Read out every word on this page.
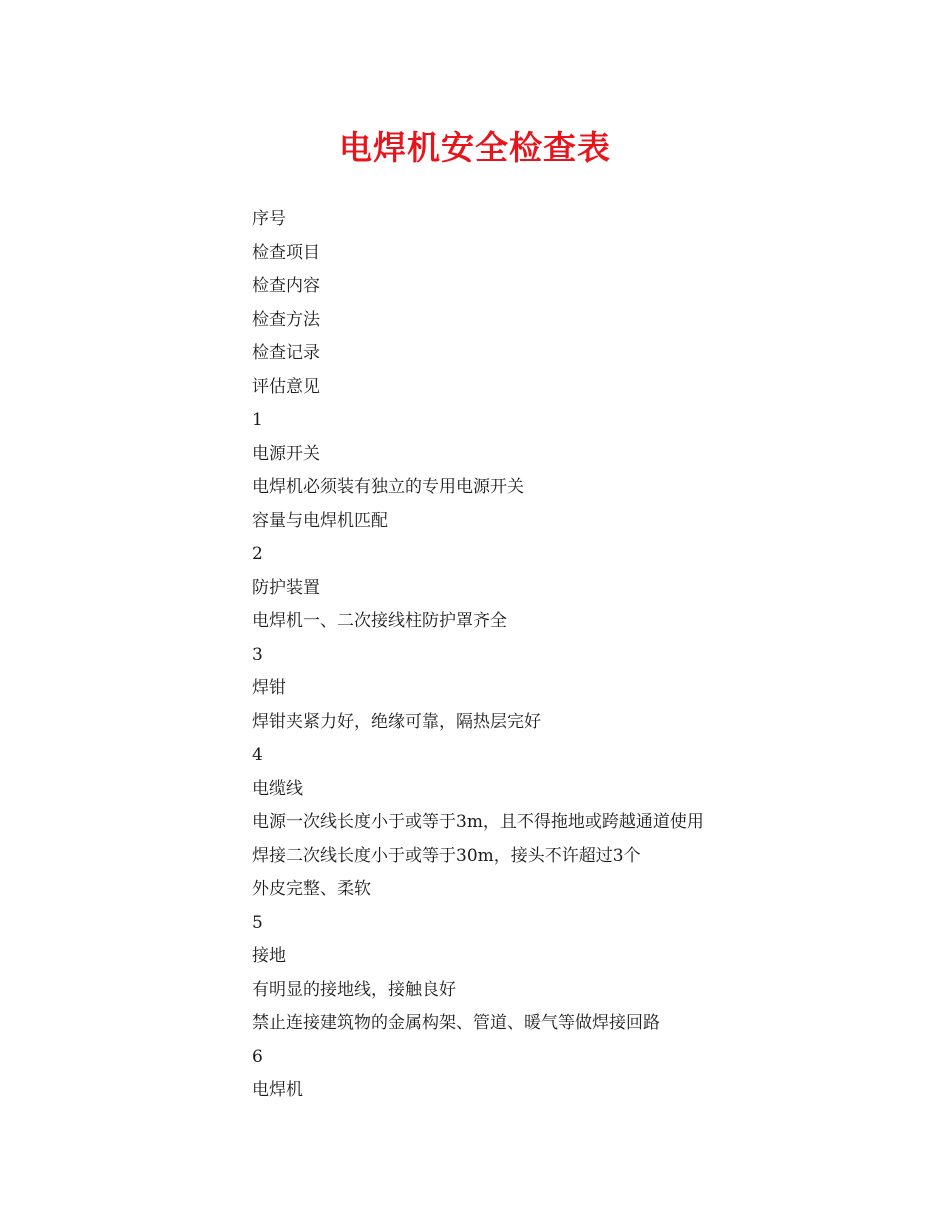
电焊机安全检查表
序号
检查项目
检查内容
检查方法
检查记录
评估意见
1
电源开关
电焊机必须装有独立的专用电源开关
容量与电焊机匹配
2
防护装置
电焊机一、二次接线柱防护罩齐全
3
焊钳
焊钳夹紧力好，绝缘可靠，隔热层完好
4
电缆线
电源一次线长度小于或等于3m，且不得拖地或跨越通道使用
焊接二次线长度小于或等于30m，接头不许超过3个
外皮完整、柔软
5
接地
有明显的接地线，接触良好
禁止连接建筑物的金属构架、管道、暖气等做焊接回路
6
电焊机
